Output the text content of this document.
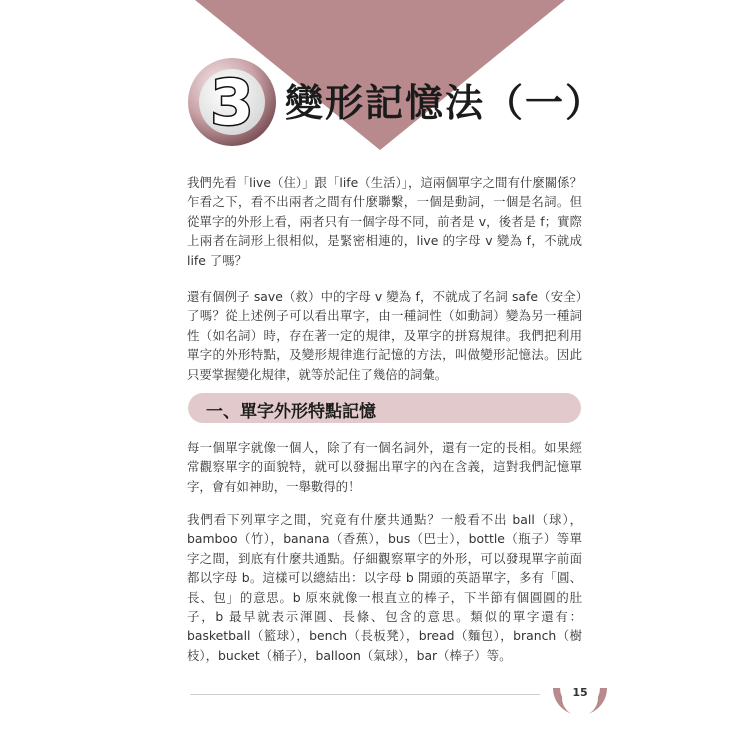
3 變形記憶法（一）

我們先看「live（住）」跟「life（生活）」，這兩個單字之間有什麼關係？乍看之下，看不出兩者之間有什麼聯繫，一個是動詞，一個是名詞。但從單字的外形上看，兩者只有一個字母不同，前者是 v，後者是 f；實際上兩者在詞形上很相似，是緊密相連的，live 的字母 v 變為 f，不就成 life 了嗎？

還有個例子 save（救）中的字母 v 變為 f，不就成了名詞 safe（安全）了嗎？從上述例子可以看出單字，由一種詞性（如動詞）變為另一種詞性（如名詞）時，存在著一定的規律，及單字的拼寫規律。我們把利用單字的外形特點，及變形規律進行記憶的方法，叫做變形記憶法。因此只要掌握變化規律，就等於記住了幾倍的詞彙。

一、單字外形特點記憶

每一個單字就像一個人，除了有一個名詞外，還有一定的長相。如果經常觀察單字的面貌特，就可以發掘出單字的內在含義，這對我們記憶單字，會有如神助，一舉數得的！

我們看下列單字之間，究竟有什麼共通點？一般看不出 ball（球），bamboo（竹），banana（香蕉），bus（巴士），bottle（瓶子）等單字之間，到底有什麼共通點。仔細觀察單字的外形，可以發現單字前面都以字母 b。這樣可以總結出：以字母 b 開頭的英語單字，多有「圓、長、包」的意思。b 原來就像一根直立的棒子，下半節有個圓圓的肚子，b 最早就表示渾圓、長條、包含的意思。類似的單字還有：basketball（籃球），bench（長板凳），bread（麵包），branch（樹枝），bucket（桶子），balloon（氣球），bar（棒子）等。

15
